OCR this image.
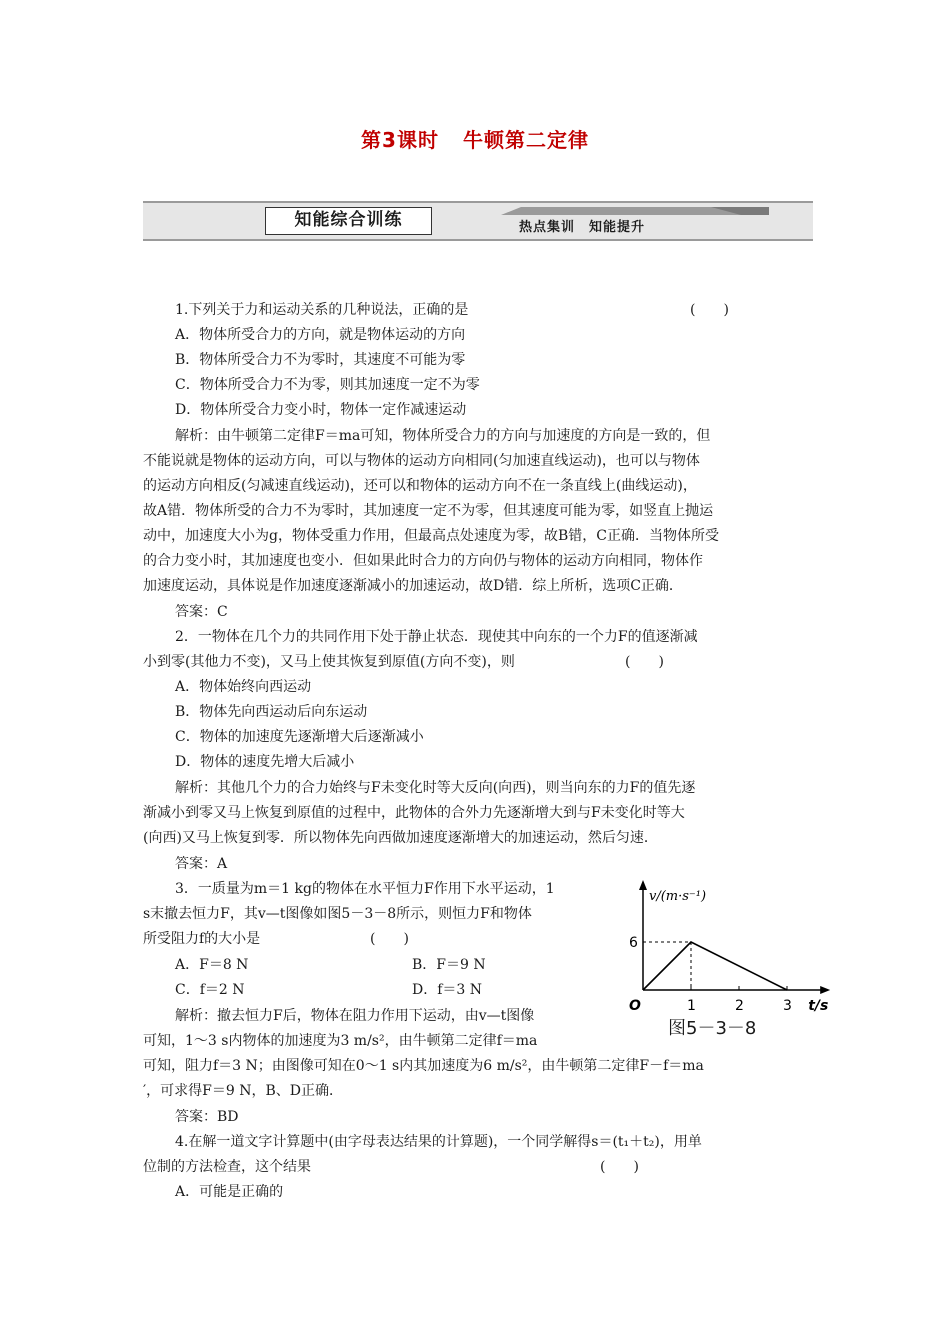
第3课时 牛顿第二定律
知能综合训练	热点集训 知能提升
1.下列关于力和运动关系的几种说法，正确的是	(　　)
A．物体所受合力的方向，就是物体运动的方向
B．物体所受合力不为零时，其速度不可能为零
C．物体所受合力不为零，则其加速度一定不为零
D．物体所受合力变小时，物体一定作减速运动
解析：由牛顿第二定律F＝ma可知，物体所受合力的方向与加速度的方向是一致的，但
不能说就是物体的运动方向，可以与物体的运动方向相同(匀加速直线运动)，也可以与物体
的运动方向相反(匀减速直线运动)，还可以和物体的运动方向不在一条直线上(曲线运动)，
故A错．物体所受的合力不为零时，其加速度一定不为零，但其速度可能为零，如竖直上抛运
动中，加速度大小为g，物体受重力作用，但最高点处速度为零，故B错，C正确．当物体所受
的合力变小时，其加速度也变小．但如果此时合力的方向仍与物体的运动方向相同，物体作
加速度运动，具体说是作加速度逐渐减小的加速运动，故D错．综上所析，选项C正确．
答案：C
2．一物体在几个力的共同作用下处于静止状态．现使其中向东的一个力F的值逐渐减
小到零(其他力不变)，又马上使其恢复到原值(方向不变)，则	(　　)
A．物体始终向西运动
B．物体先向西运动后向东运动
C．物体的加速度先逐渐增大后逐渐减小
D．物体的速度先增大后减小
解析：其他几个力的合力始终与F未变化时等大反向(向西)，则当向东的力F的值先逐
渐减小到零又马上恢复到原值的过程中，此物体的合外力先逐渐增大到与F未变化时等大
(向西)又马上恢复到零．所以物体先向西做加速度逐渐增大的加速运动，然后匀速．
答案：A
3．一质量为m＝1 kg的物体在水平恒力F作用下水平运动，1
s末撤去恒力F，其v—t图像如图5－3－8所示，则恒力F和物体
所受阻力f的大小是	(　　)
A．F＝8 N	B．F＝9 N
C．f＝2 N	D．f＝3 N
解析：撤去恒力F后，物体在阻力作用下运动，由v—t图像
可知，1～3 s内物体的加速度为3 m/s²，由牛顿第二定律f＝ma
可知，阻力f＝3 N；由图像可知在0～1 s内其加速度为6 m/s²，由牛顿第二定律F－f＝ma
′，可求得F＝9 N，B、D正确．
答案：BD
4.在解一道文字计算题中(由字母表达结果的计算题)，一个同学解得s＝(t₁＋t₂)，用单
位制的方法检查，这个结果	(　　)
A．可能是正确的
v/(m·s⁻¹)
t/s
O	1	2	3
6
图5－3－8
